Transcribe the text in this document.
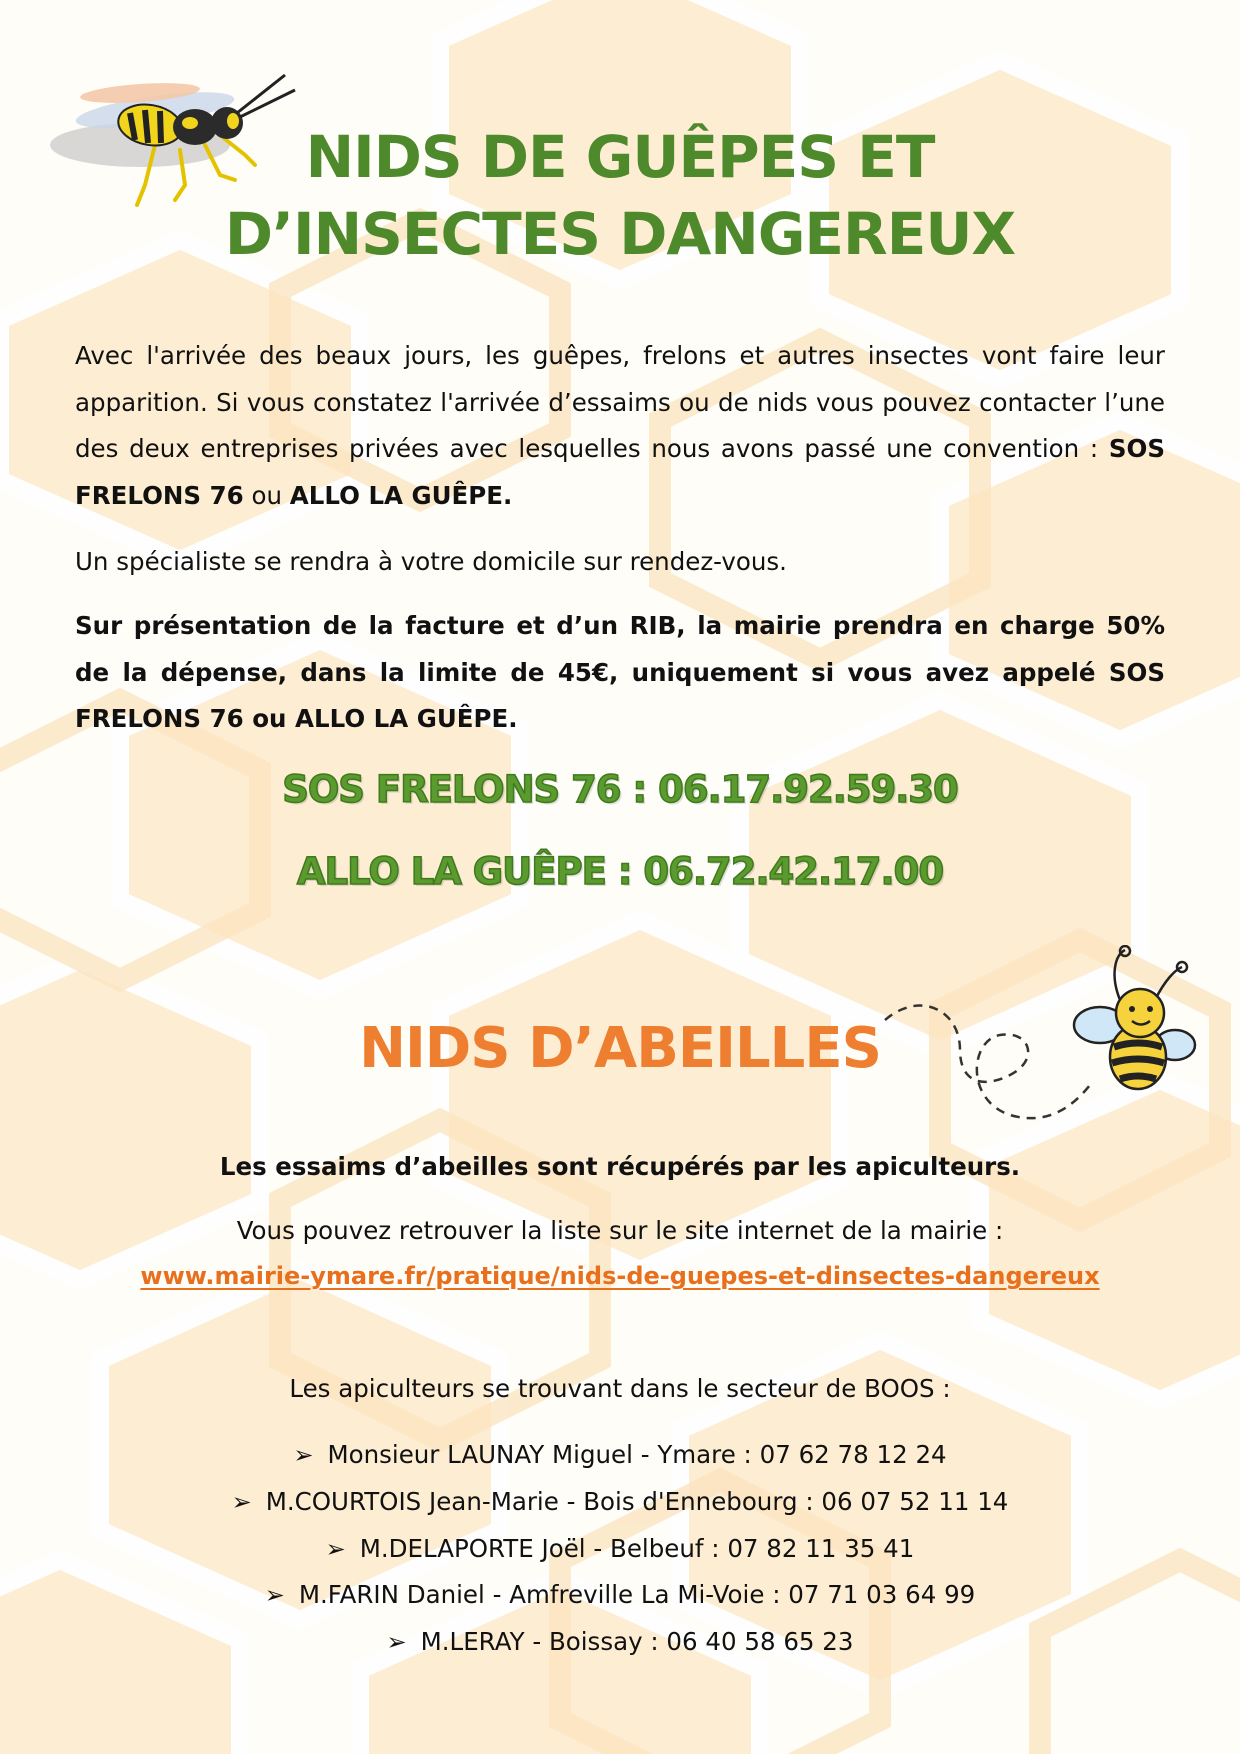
NIDS DE GUÊPES ET
D’INSECTES DANGEREUX

Avec l'arrivée des beaux jours, les guêpes, frelons et autres insectes vont faire leur apparition. Si vous constatez l'arrivée d’essaims ou de nids vous pouvez contacter l’une des deux entreprises privées avec lesquelles nous avons passé une convention : SOS FRELONS 76 ou ALLO LA GUÊPE.

Un spécialiste se rendra à votre domicile sur rendez-vous.

Sur présentation de la facture et d’un RIB, la mairie prendra en charge 50% de la dépense, dans la limite de 45€, uniquement si vous avez appelé SOS FRELONS 76 ou ALLO LA GUÊPE.

SOS FRELONS 76 : 06.17.92.59.30
ALLO LA GUÊPE : 06.72.42.17.00
NIDS D’ABEILLES
Les essaims d’abeilles sont récupérés par les apiculteurs.
Vous pouvez retrouver la liste sur le site internet de la mairie :
www.mairie-ymare.fr/pratique/nids-de-guepes-et-dinsectes-dangereux
Les apiculteurs se trouvant dans le secteur de BOOS :
➢ Monsieur LAUNAY Miguel - Ymare : 07 62 78 12 24
➢ M.COURTOIS Jean-Marie - Bois d'Ennebourg : 06 07 52 11 14
➢ M.DELAPORTE Joël - Belbeuf : 07 82 11 35 41
➢ M.FARIN Daniel - Amfreville La Mi-Voie : 07 71 03 64 99
➢ M.LERAY - Boissay : 06 40 58 65 23
